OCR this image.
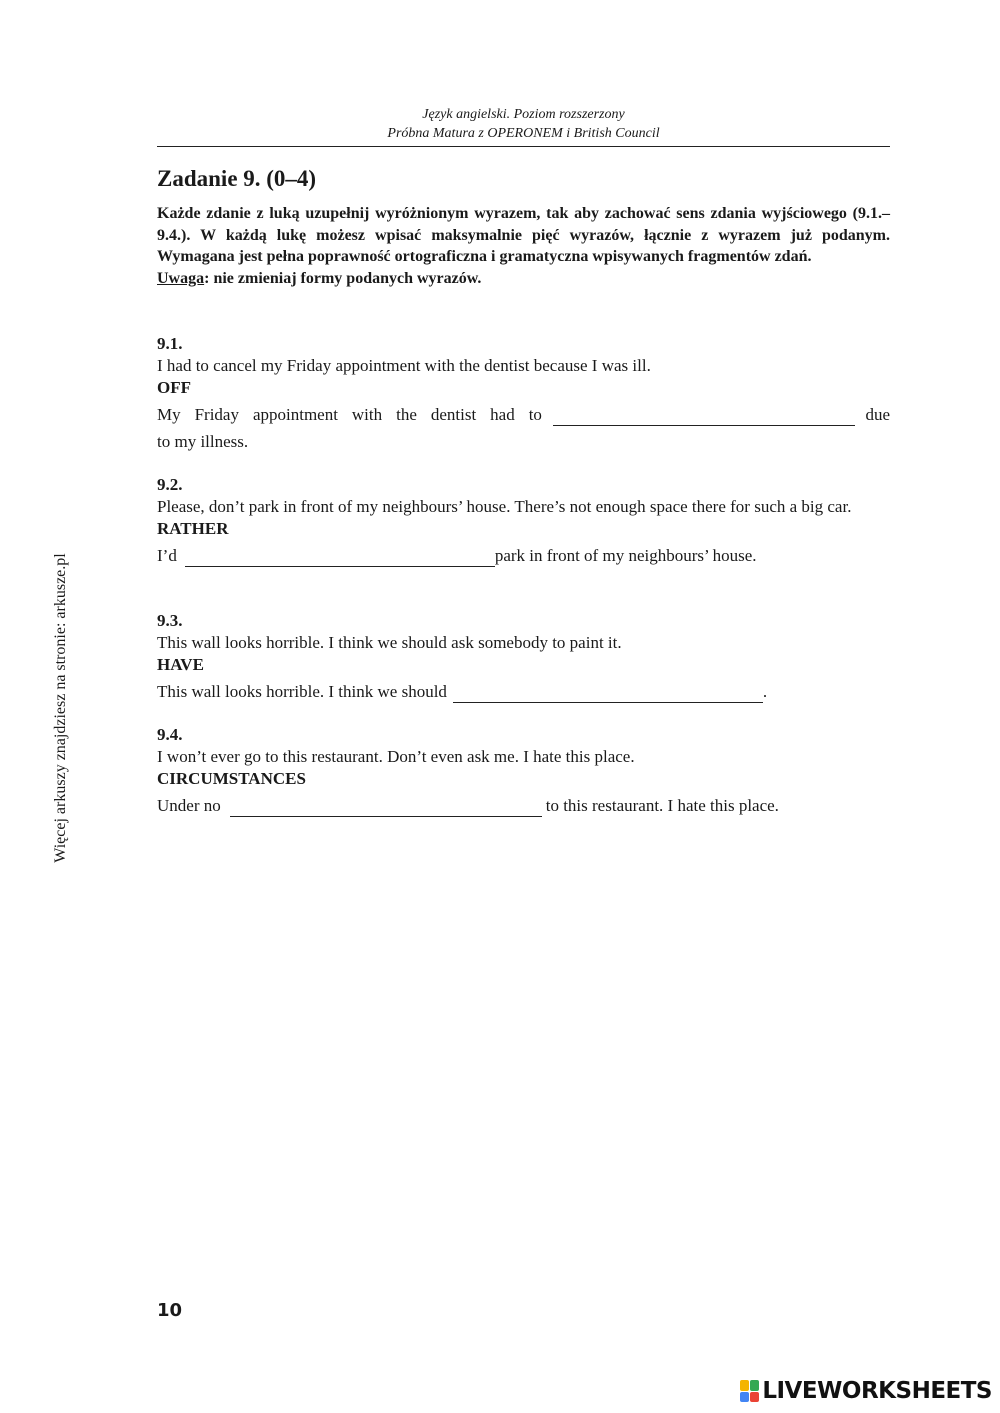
Język angielski. Poziom rozszerzony
Próbna Matura z OPERONEM i British Council
Zadanie 9. (0–4)

Każde zdanie z luką uzupełnij wyróżnionym wyrazem, tak aby zachować sens zdania wyjściowego (9.1.–9.4.). W każdą lukę możesz wpisać maksymalnie pięć wyrazów, łącznie z wyrazem już podanym. Wymagana jest pełna poprawność ortograficzna i gramatyczna wpisywanych fragmentów zdań.

Uwaga: nie zmieniaj formy podanych wyrazów.

9.1.

I had to cancel my Friday appointment with the dentist because I was ill.

OFF
My Friday appointment with the dentist had to	due
to my illness.
9.2.

Please, don’t park in front of my neighbours’ house. There’s not enough space there for such a big car.

RATHER
I’d	park in front of my neighbours’ house.
9.3.

This wall looks horrible. I think we should ask somebody to paint it.

HAVE
This wall looks horrible. I think we should	.
9.4.

I won’t ever go to this restaurant. Don’t even ask me. I hate this place.

CIRCUMSTANCES
Under no	to this restaurant. I hate this place.
Więcej arkuszy znajdziesz na stronie: arkusze.pl
10
LIVEWORKSHEETS
